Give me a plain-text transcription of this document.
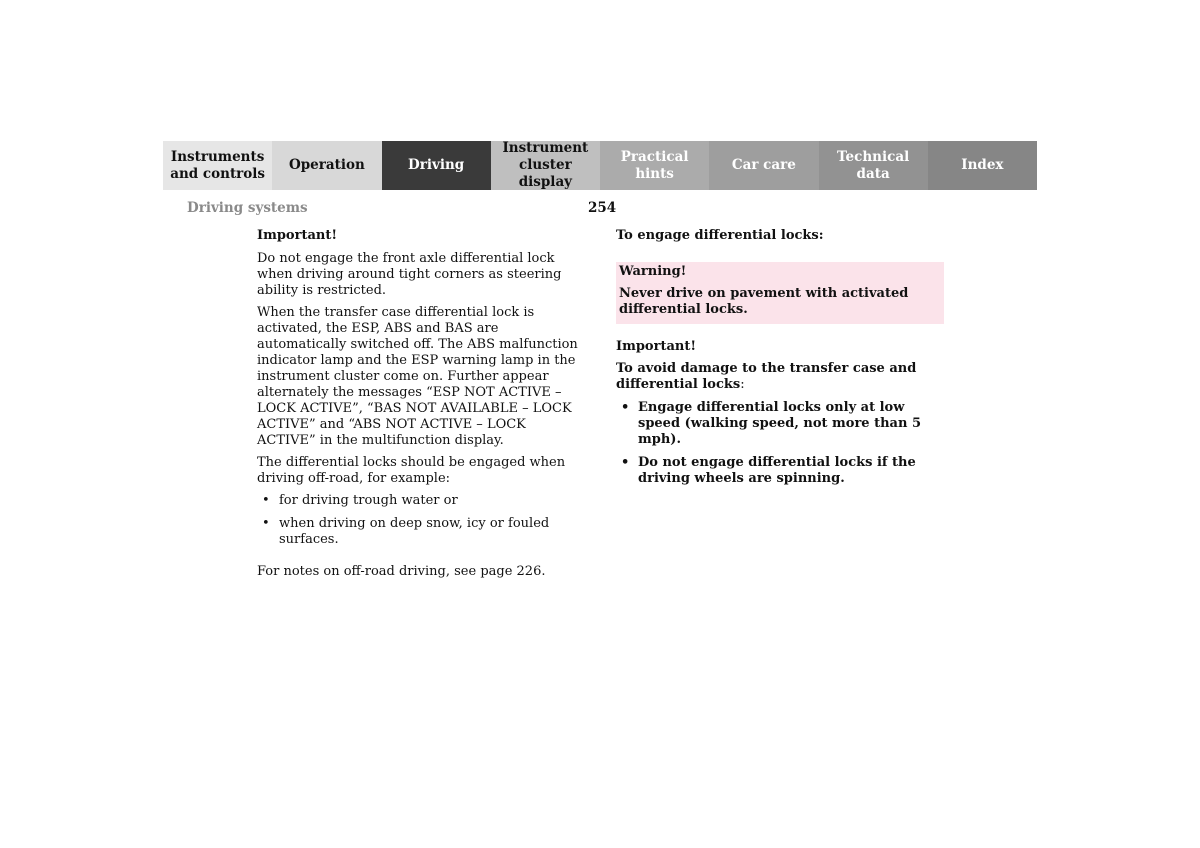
Instruments
and controls
Operation	Driving
Instrument
cluster display
Practical hints
Car care
Technical
data
Index
Driving systems	254

Important!

Do not engage the front axle differential lock when driving around tight corners as steering ability is restricted.

When the transfer case differential lock is activated, the ESP, ABS and BAS are automatically switched off. The ABS malfunction indicator lamp and the ESP warning lamp in the instrument cluster come on. Further appear alternately the messages “ESP NOT ACTIVE – LOCK ACTIVE”, “BAS NOT AVAILABLE – LOCK ACTIVE” and “ABS NOT ACTIVE – LOCK ACTIVE” in the multifunction display.

The differential locks should be engaged when driving off-road, for example:

• for driving trough water or
• when driving on deep snow, icy or fouled surfaces.

For notes on off-road driving, see page 226.

To engage differential locks:

Warning!

Never drive on pavement with activated differential locks.

Important!

To avoid damage to the transfer case and differential locks:

• Engage differential locks only at low speed (walking speed, not more than 5 mph).
• Do not engage differential locks if the driving wheels are spinning.
